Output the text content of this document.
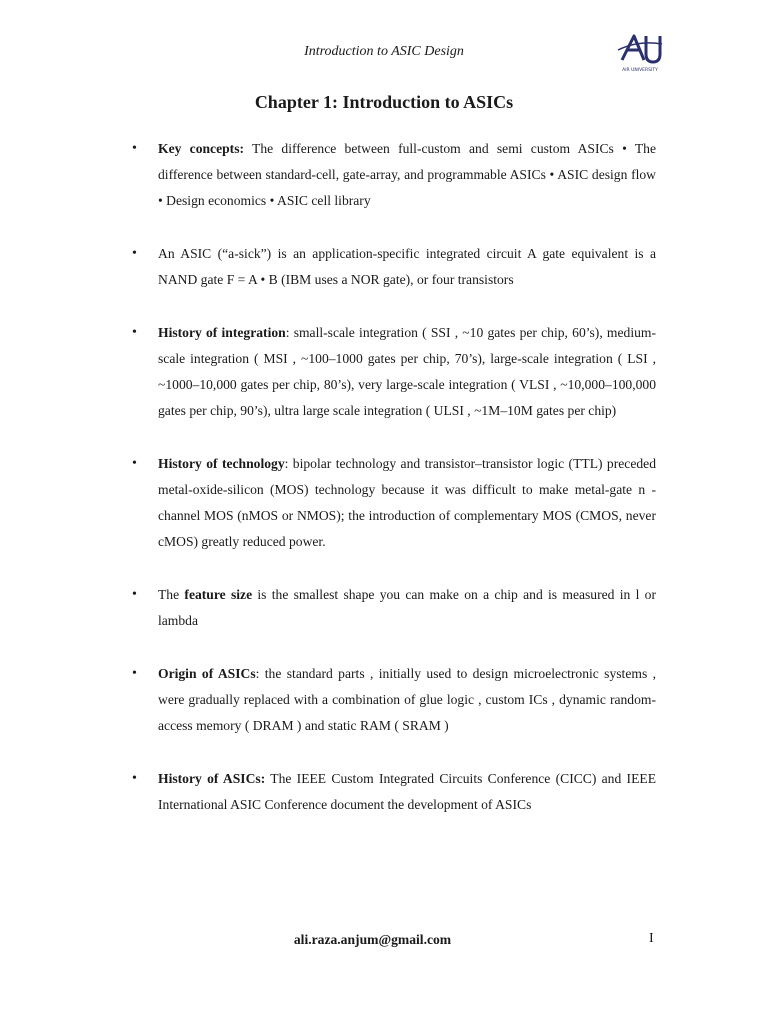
Introduction to ASIC Design
AIR UNIVERSITY
Chapter 1: Introduction to ASICs
• Key concepts: The difference between full-custom and semi custom ASICs • The difference between standard-cell, gate-array, and programmable ASICs • ASIC design flow • Design economics • ASIC cell library
• An ASIC (“a-sick”) is an application-specific integrated circuit A gate equivalent is a NAND gate F = A • B (IBM uses a NOR gate), or four transistors
• History of integration: small-scale integration ( SSI , ~10 gates per chip, 60’s), medium-scale integration ( MSI , ~100–1000 gates per chip, 70’s), large-scale integration ( LSI , ~1000–10,000 gates per chip, 80’s), very large-scale integration ( VLSI , ~10,000–100,000 gates per chip, 90’s), ultra large scale integration ( ULSI , ~1M–10M gates per chip)
• History of technology: bipolar technology and transistor–transistor logic (TTL) preceded metal-oxide-silicon (MOS) technology because it was difficult to make metal-gate n -channel MOS (nMOS or NMOS); the introduction of complementary MOS (CMOS, never cMOS) greatly reduced power.
• The feature size is the smallest shape you can make on a chip and is measured in l or lambda
• Origin of ASICs: the standard parts , initially used to design microelectronic systems , were gradually replaced with a combination of glue logic , custom ICs , dynamic random-access memory ( DRAM ) and static RAM ( SRAM )
• History of ASICs: The IEEE Custom Integrated Circuits Conference (CICC) and IEEE International ASIC Conference document the development of ASICs
ali.raza.anjum@gmail.com	I
